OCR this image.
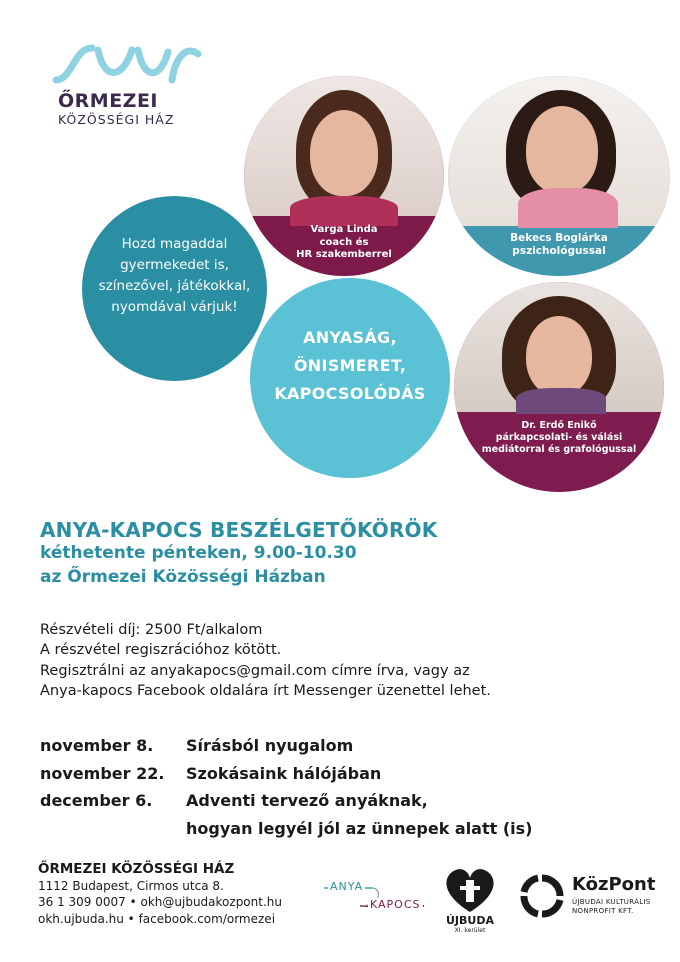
ŐRMEZEI
KÖZÖSSÉGI HÁZ
Varga Linda
coach és
HR szakemberrel
Bekecs Boglárka
pszichológussal
Hozd magaddal
gyermekedet is,
színezővel, játékokkal,
nyomdával várjuk!
ANYASÁG,
ÖNISMERET,
KAPOCSOLÓDÁS
Dr. Erdő Enikő
párkapcsolati- és válási
mediátorral és grafológussal
ANYA-KAPOCS BESZÉLGETŐKÖRÖK
kéthetente pénteken, 9.00-10.30
az Őrmezei Közösségi Házban
Részvételi díj: 2500 Ft/alkalom
A részvétel regiszrációhoz kötött.
Regisztrálni az anyakapocs@gmail.com címre írva, vagy az
Anya-kapocs Facebook oldalára írt Messenger üzenettel lehet.
november 8.	Sírásból nyugalom
november 22.	Szokásaink hálójában
december 6.	Adventi tervező anyáknak,
hogyan legyél jól az ünnepek alatt (is)
ŐRMEZEI KÖZÖSSÉGI HÁZ
1112 Budapest, Cirmos utca 8.
36 1 309 0007 • okh@ujbudakozpont.hu
okh.ujbuda.hu • facebook.com/ormezei
ANYA
KAPOCS
ÚJBUDA
XI. kerület
KözPont
ÚJBUDAI KULTURÁLIS
NONPROFIT KFT.
